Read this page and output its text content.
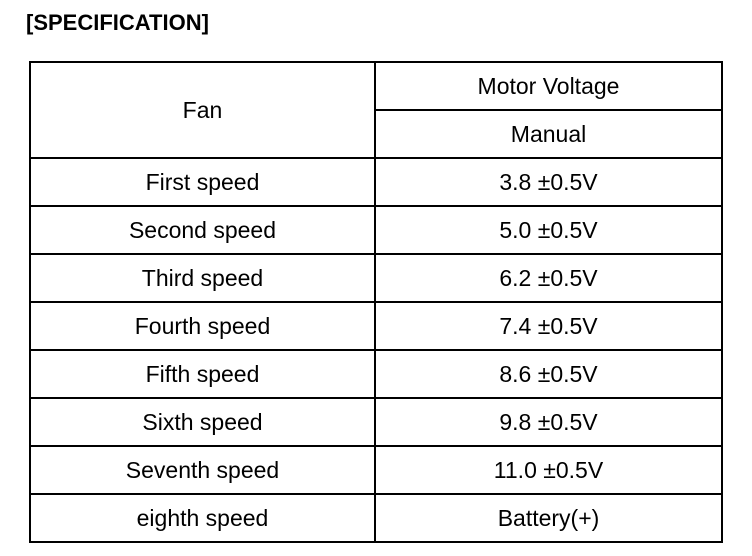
[SPECIFICATION]
Fan	Motor Voltage
	Manual
First speed	3.8 ±0.5V
Second speed	5.0 ±0.5V
Third speed	6.2 ±0.5V
Fourth speed	7.4 ±0.5V
Fifth speed	8.6 ±0.5V
Sixth speed	9.8 ±0.5V
Seventh speed	11.0 ±0.5V
eighth speed	Battery(+)
